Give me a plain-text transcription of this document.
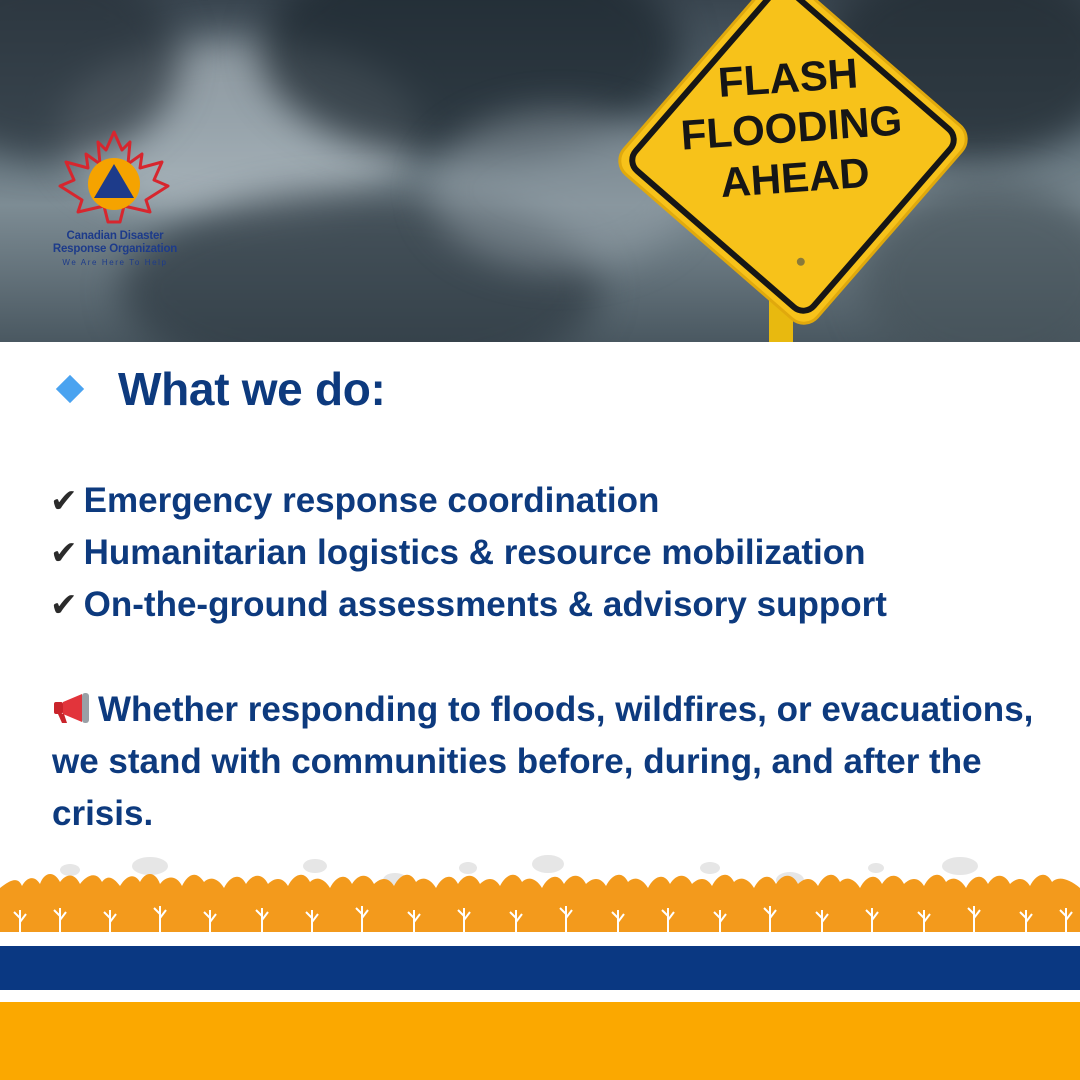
Canadian Disaster
Response Organization
We Are Here To Help
FLASH
FLOODING
AHEAD
What we do:
✔ Emergency response coordination
✔ Humanitarian logistics & resource mobilization
✔ On-the-ground assessments & advisory support
Whether responding to floods, wildfires, or evacuations, we stand with communities before, during, and after the crisis.
